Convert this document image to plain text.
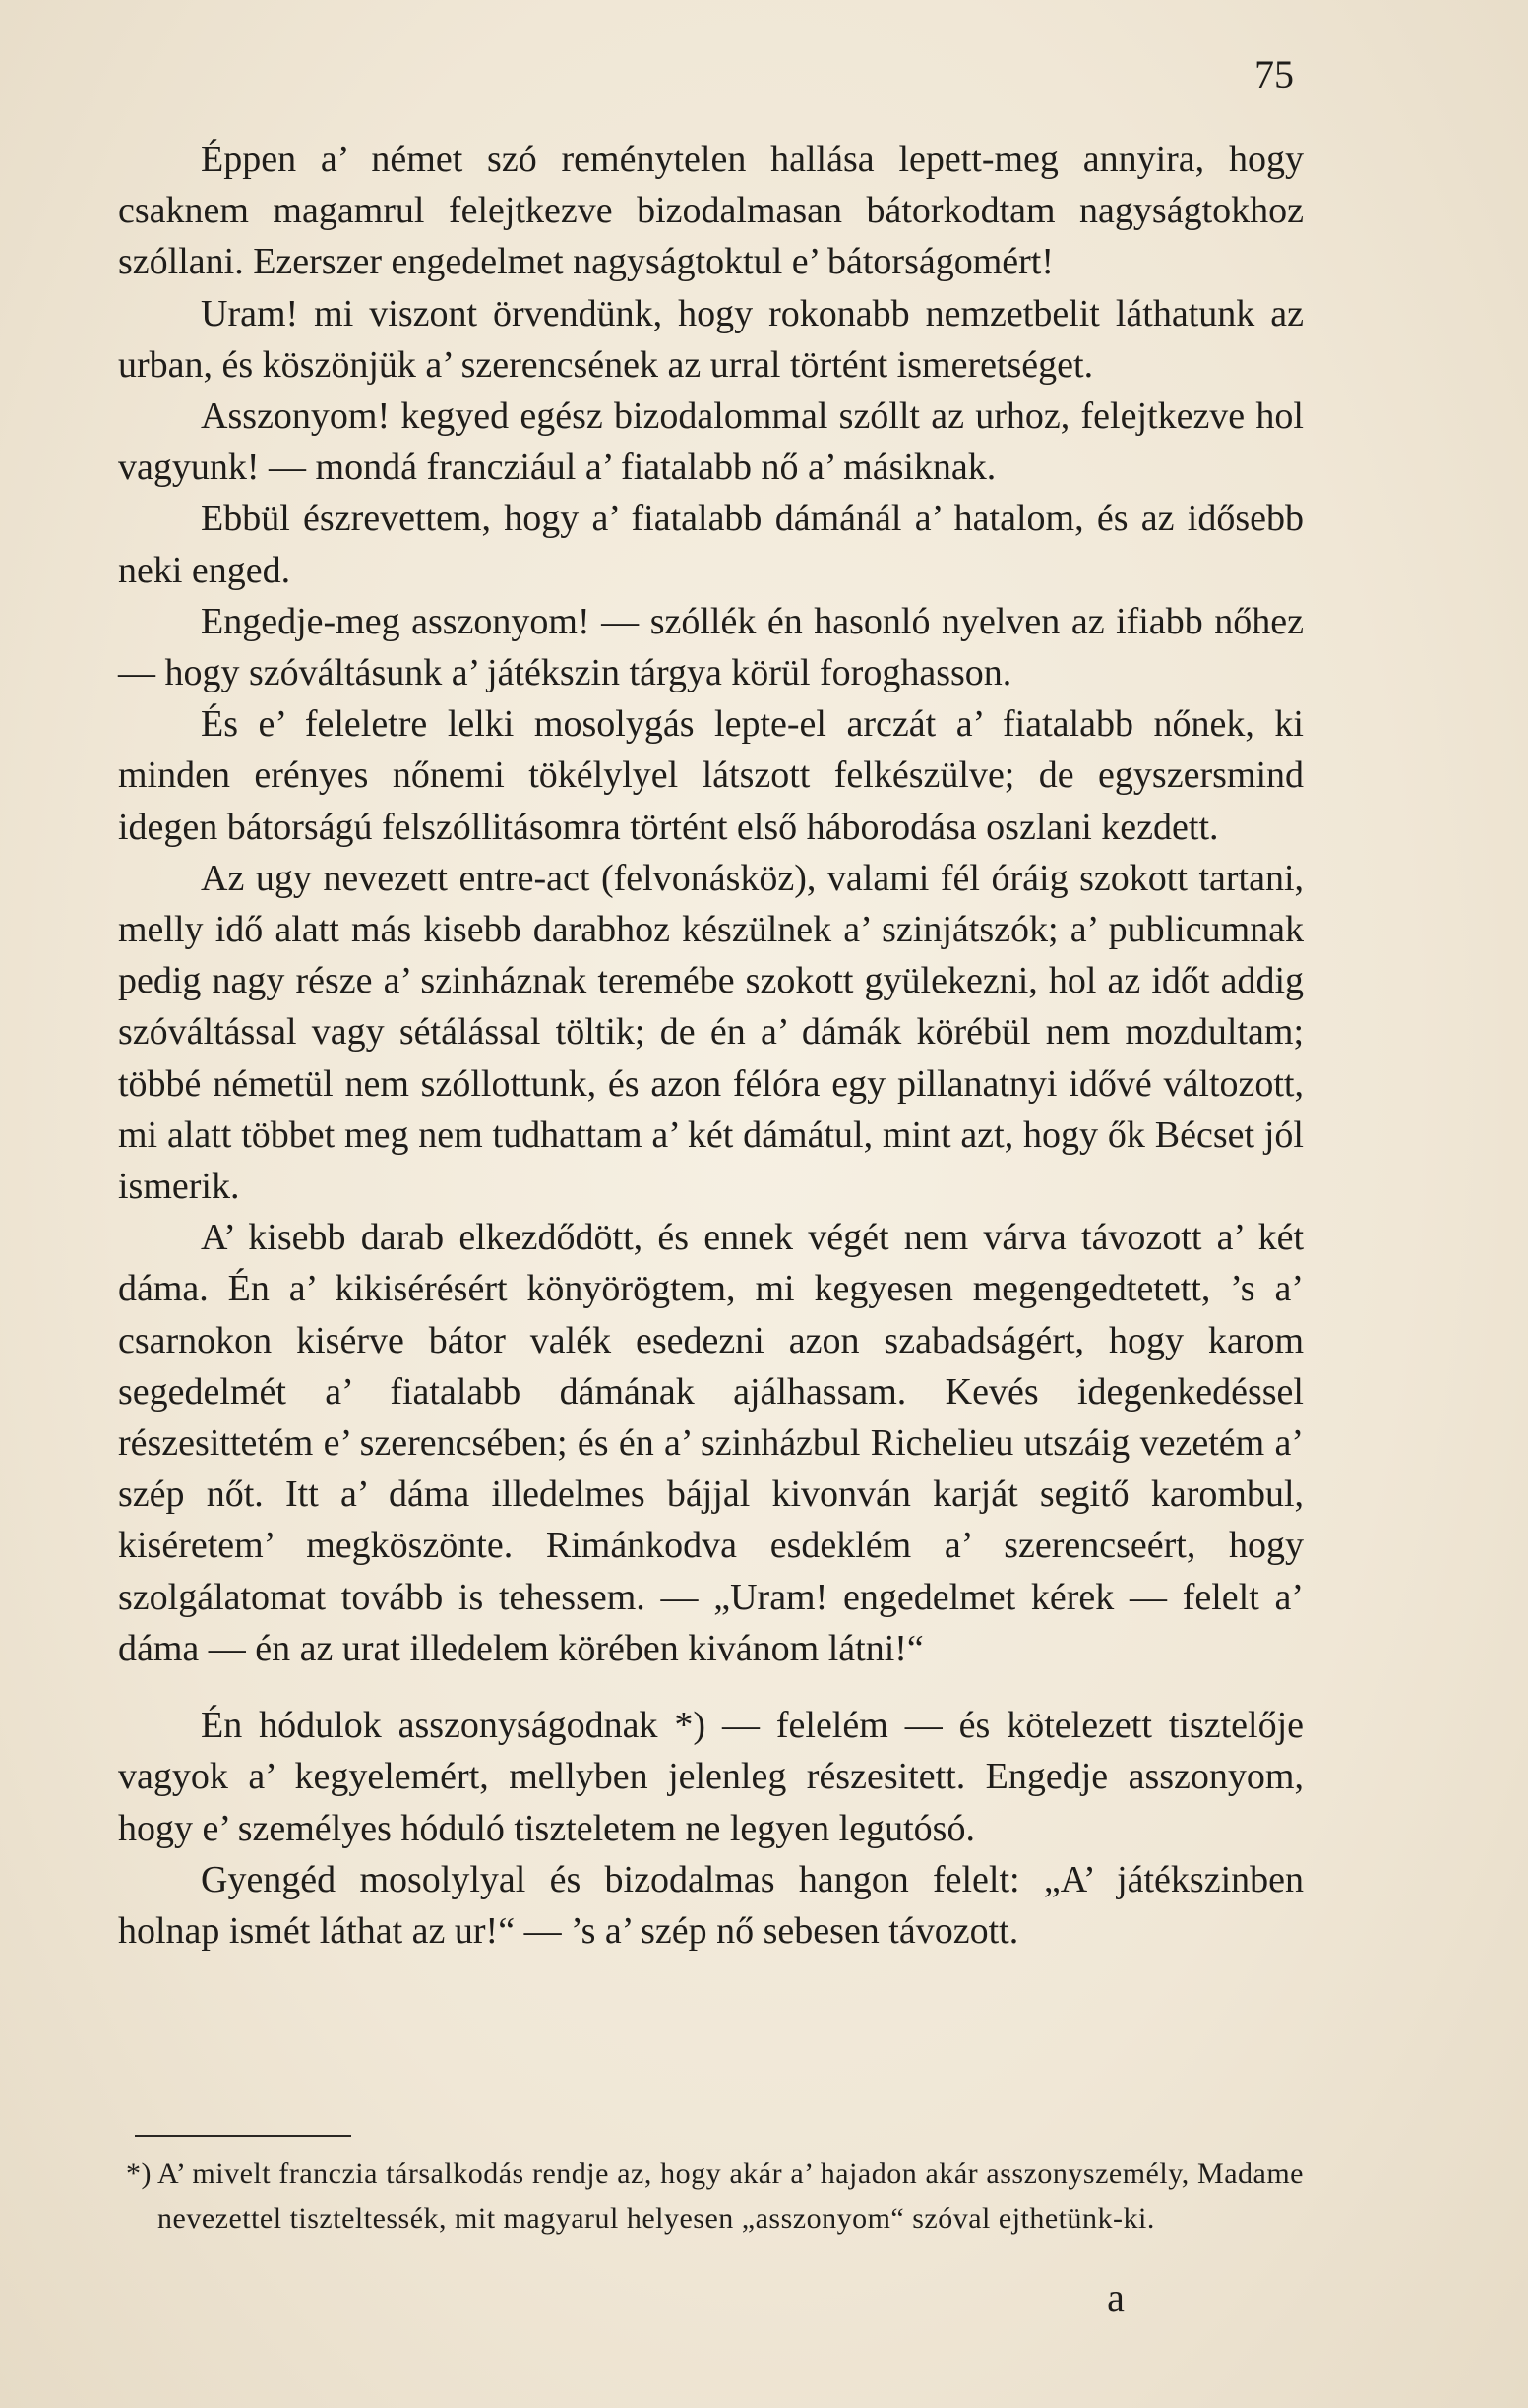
75

Éppen a’ német szó reménytelen hallása lepett-meg annyira, hogy csaknem magamrul felejtkezve bizodalmasan bátorkodtam nagyságtokhoz szóllani. Ezerszer engedelmet nagyságtoktul e’ bátorságomért!

Uram! mi viszont örvendünk, hogy rokonabb nemzetbelit láthatunk az urban, és köszönjük a’ szerencsének az urral történt ismeretséget.

Asszonyom! kegyed egész bizodalommal szóllt az urhoz, felejtkezve hol vagyunk! — mondá francziául a’ fiatalabb nő a’ másiknak.

Ebbül észrevettem, hogy a’ fiatalabb dámánál a’ hatalom, és az idősebb neki enged.

Engedje-meg asszonyom! — szóllék én hasonló nyelven az ifiabb nőhez — hogy szóváltásunk a’ játékszin tárgya körül foroghasson.

És e’ feleletre lelki mosolygás lepte-el arczát a’ fiatalabb nőnek, ki minden erényes nőnemi tökélylyel látszott felkészülve; de egyszersmind idegen bátorságú felszóllitásomra történt első háborodása oszlani kezdett.

Az ugy nevezett entre-act (felvonásköz), valami fél óráig szokott tartani, melly idő alatt más kisebb darabhoz készülnek a’ szinjátszók; a’ publicumnak pedig nagy része a’ szinháznak teremébe szokott gyülekezni, hol az időt addig szóváltással vagy sétálással töltik; de én a’ dámák körébül nem mozdultam; többé németül nem szóllottunk, és azon félóra egy pillanatnyi idővé változott, mi alatt többet meg nem tudhattam a’ két dámátul, mint azt, hogy ők Bécset jól ismerik.

A’ kisebb darab elkezdődött, és ennek végét nem várva távozott a’ két dáma. Én a’ kikisérésért könyörögtem, mi kegyesen megengedtetett, ’s a’ csarnokon kisérve bátor valék esedezni azon szabadságért, hogy karom segedelmét a’ fiatalabb dámának ajálhassam. Kevés idegenkedéssel részesittetém e’ szerencsében; és én a’ szinházbul Richelieu utszáig vezetém a’ szép nőt. Itt a’ dáma illedelmes bájjal kivonván karját segitő karombul, kiséretem’ megköszönte. Rimánkodva esdeklém a’ szerencseért, hogy szolgálatomat tovább is tehessem. — „Uram! engedelmet kérek — felelt a’ dáma — én az urat illedelem körében kivánom látni!“

Én hódulok asszonyságodnak *) — felelém — és kötelezett tisztelője vagyok a’ kegyelemért, mellyben jelenleg részesitett. Engedje asszonyom, hogy e’ személyes hóduló tiszteletem ne legyen legutósó.

Gyengéd mosolylyal és bizodalmas hangon felelt: „A’ játékszinben holnap ismét láthat az ur!“ — ’s a’ szép nő sebesen távozott.

*) A’ mivelt franczia társalkodás rendje az, hogy akár a’ hajadon akár asszonyszemély, Madame nevezettel tiszteltessék, mit magyarul helyesen „asszonyom“ szóval ejthetünk-ki.
a
